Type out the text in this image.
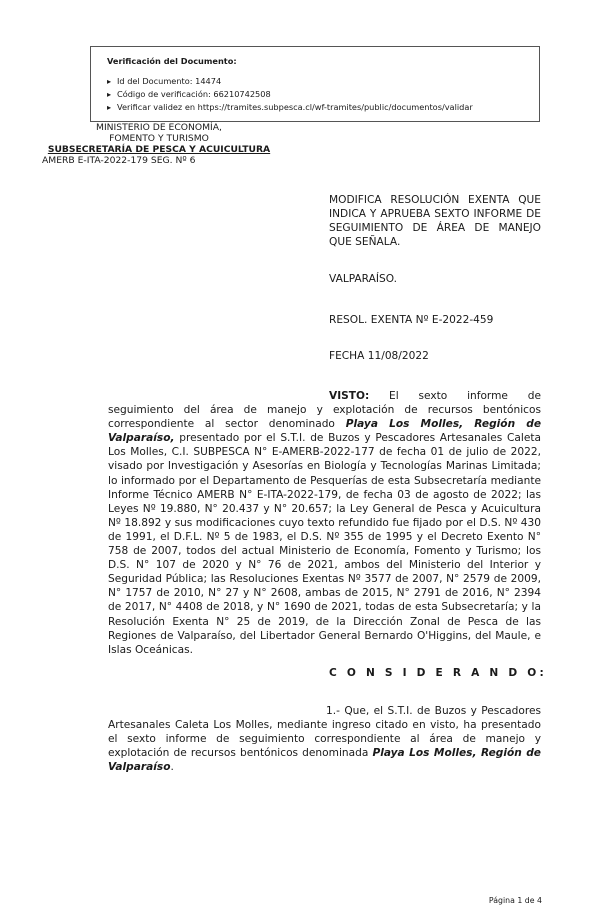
Verificación del Documento:
▸ Id del Documento: 14474
▸ Código de verificación: 66210742508
▸ Verificar validez en https://tramites.subpesca.cl/wf-tramites/public/documentos/validar
MINISTERIO DE ECONOMÍA,
FOMENTO Y TURISMO
SUBSECRETARÍA DE PESCA Y ACUICULTURA
AMERB E-ITA-2022-179 SEG. Nº 6
MODIFICA RESOLUCIÓN EXENTA QUE INDICA Y APRUEBA SEXTO INFORME DE SEGUIMIENTO DE ÁREA DE MANEJO QUE SEÑALA.
VALPARAÍSO.
RESOL. EXENTA Nº E-2022-459
FECHA 11/08/2022

VISTO: El sexto informe de seguimiento del área de manejo y explotación de recursos bentónicos correspondiente al sector denominado Playa Los Molles, Región de Valparaíso, presentado por el S.T.I. de Buzos y Pescadores Artesanales Caleta Los Molles, C.I. SUBPESCA N° E-AMERB-2022-177 de fecha 01 de julio de 2022, visado por Investigación y Asesorías en Biología y Tecnologías Marinas Limitada; lo informado por el Departamento de Pesquerías de esta Subsecretaría mediante Informe Técnico AMERB N° E-ITA-2022-179, de fecha 03 de agosto de 2022; las Leyes Nº 19.880, N° 20.437 y N° 20.657; la Ley General de Pesca y Acuicultura Nº 18.892 y sus modificaciones cuyo texto refundido fue fijado por el D.S. Nº 430 de 1991, el D.F.L. Nº 5 de 1983, el D.S. Nº 355 de 1995 y el Decreto Exento N° 758 de 2007, todos del actual Ministerio de Economía, Fomento y Turismo; los D.S. N° 107 de 2020 y N° 76 de 2021, ambos del Ministerio del Interior y Seguridad Pública; las Resoluciones Exentas Nº 3577 de 2007, N° 2579 de 2009, N° 1757 de 2010, N° 27 y N° 2608, ambas de 2015, N° 2791 de 2016, N° 2394 de 2017, N° 4408 de 2018, y N° 1690 de 2021, todas de esta Subsecretaría; y la Resolución Exenta N° 25 de 2019, de la Dirección Zonal de Pesca de las Regiones de Valparaíso, del Libertador General Bernardo O'Higgins, del Maule, e Islas Oceánicas.

C O N S I D E R A N D O:

1.- Que, el S.T.I. de Buzos y Pescadores Artesanales Caleta Los Molles, mediante ingreso citado en visto, ha presentado el sexto informe de seguimiento correspondiente al área de manejo y explotación de recursos bentónicos denominada Playa Los Molles, Región de Valparaíso.

Página 1 de 4
